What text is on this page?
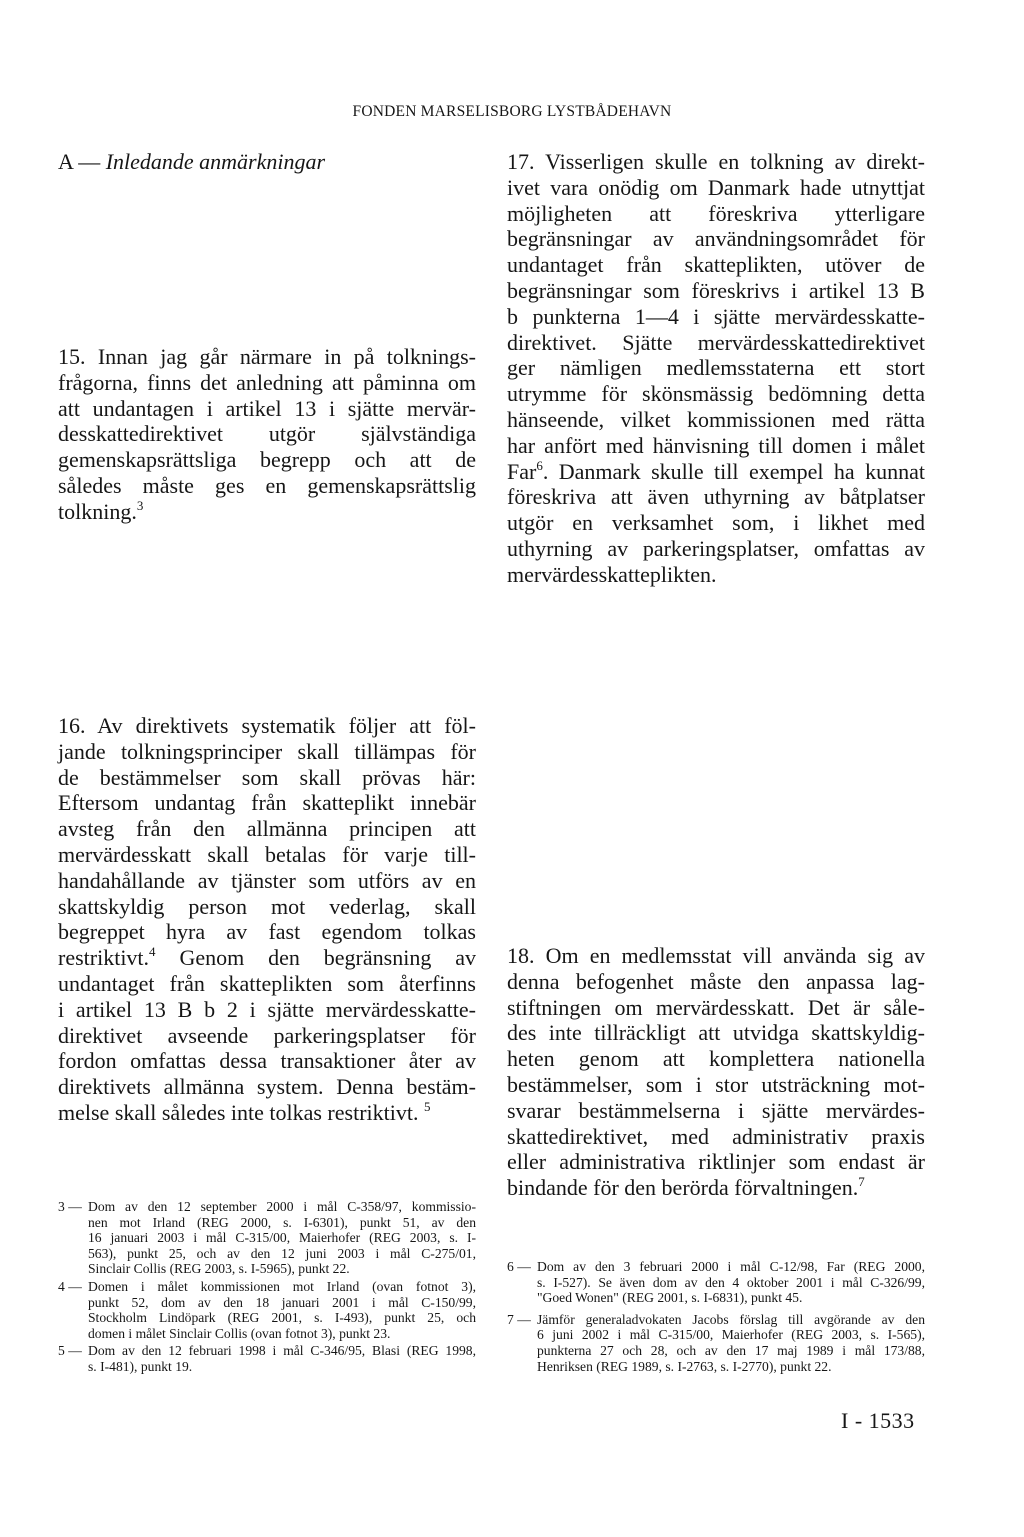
FONDEN MARSELISBORG LYSTBÅDEHAVN
A — Inledande anmärkningar
15. Innan jag går närmare in på tolknings-
frågorna, finns det anledning att påminna om
att undantagen i artikel 13 i sjätte mervär-
desskattedirektivet utgör självständiga
gemenskapsrättsliga begrepp och att de
således måste ges en gemenskapsrättslig
tolkning.$^3$
16. Av direktivets systematik följer att föl-
jande tolkningsprinciper skall tillämpas för
de bestämmelser som skall prövas här:
Eftersom undantag från skatteplikt innebär
avsteg från den allmänna principen att
mervärdesskatt skall betalas för varje till-
handahållande av tjänster som utförs av en
skattskyldig person mot vederlag, skall
begreppet hyra av fast egendom tolkas
restriktivt.$^4$ Genom den begränsning av
undantaget från skatteplikten som återfinns
i artikel 13 B b 2 i sjätte mervärdesskatte-
direktivet avseende parkeringsplatser för
fordon omfattas dessa transaktioner åter av
direktivets allmänna system. Denna bestäm-
melse skall således inte tolkas restriktivt. $^5$
17. Visserligen skulle en tolkning av direkt-
ivet vara onödig om Danmark hade utnyttjat
möjligheten att föreskriva ytterligare
begränsningar av användningsområdet för
undantaget från skatteplikten, utöver de
begränsningar som föreskrivs i artikel 13 B
b punkterna 1—4 i sjätte mervärdesskatte-
direktivet. Sjätte mervärdesskattedirektivet
ger nämligen medlemsstaterna ett stort
utrymme för skönsmässig bedömning detta
hänseende, vilket kommissionen med rätta
har anfört med hänvisning till domen i målet
Far$^6$. Danmark skulle till exempel ha kunnat
föreskriva att även uthyrning av båtplatser
utgör en verksamhet som, i likhet med
uthyrning av parkeringsplatser, omfattas av
mervärdesskatteplikten.
18. Om en medlemsstat vill använda sig av
denna befogenhet måste den anpassa lag-
stiftningen om mervärdesskatt. Det är såle-
des inte tillräckligt att utvidga skattskyldig-
heten genom att komplettera nationella
bestämmelser, som i stor utsträckning mot-
svarar bestämmelserna i sjätte mervärdes-
skattedirektivet, med administrativ praxis
eller administrativa riktlinjer som endast är
bindande för den berörda förvaltningen.$^7$
3 — Dom av den 12 september 2000 i mål C-358/97, kommissio-
nen mot Irland (REG 2000, s. I-6301), punkt 51, av den
16 januari 2003 i mål C-315/00, Maierhofer (REG 2003, s. I-
563), punkt 25, och av den 12 juni 2003 i mål C-275/01,
Sinclair Collis (REG 2003, s. I-5965), punkt 22.
4 — Domen i målet kommissionen mot Irland (ovan fotnot 3),
punkt 52, dom av den 18 januari 2001 i mål C-150/99,
Stockholm Lindöpark (REG 2001, s. I-493), punkt 25, och
domen i målet Sinclair Collis (ovan fotnot 3), punkt 23.
5 — Dom av den 12 februari 1998 i mål C-346/95, Blasi (REG 1998,
s. I-481), punkt 19.
6 — Dom av den 3 februari 2000 i mål C-12/98, Far (REG 2000,
s. I-527). Se även dom av den 4 oktober 2001 i mål C-326/99,
"Goed Wonen" (REG 2001, s. I-6831), punkt 45.
7 — Jämför generaladvokaten Jacobs förslag till avgörande av den
6 juni 2002 i mål C-315/00, Maierhofer (REG 2003, s. I-565),
punkterna 27 och 28, och av den 17 maj 1989 i mål 173/88,
Henriksen (REG 1989, s. I-2763, s. I-2770), punkt 22.
I - 1533
